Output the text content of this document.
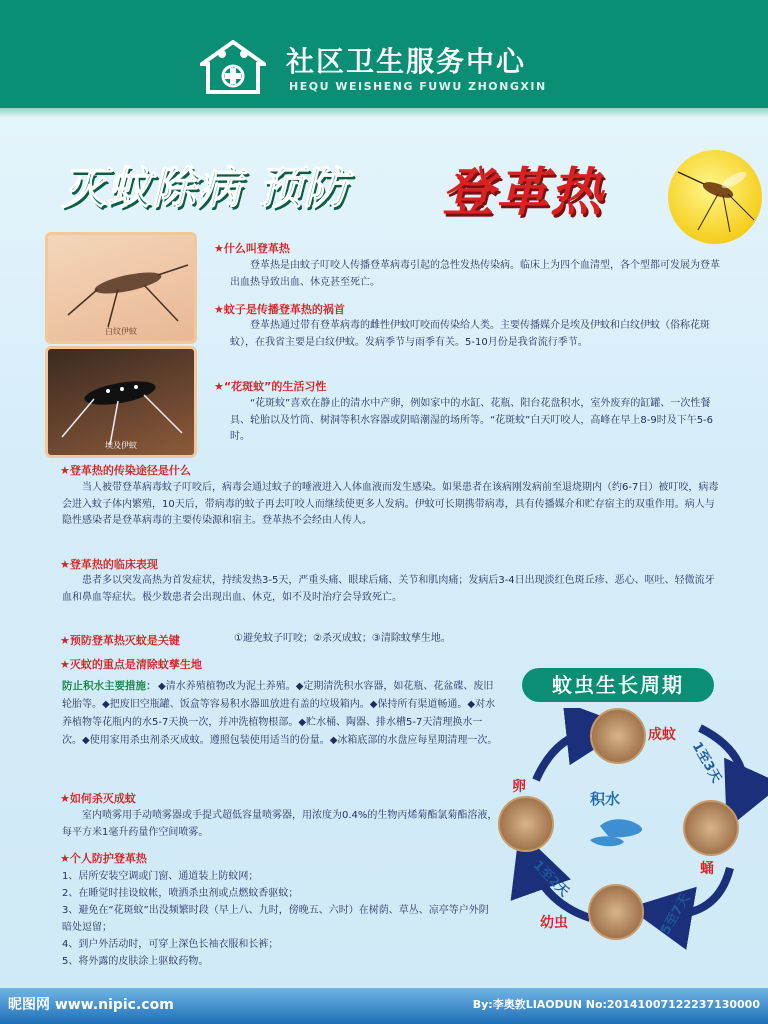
社区卫生服务中心
HEQU WEISHENG FUWU ZHONGXIN
灭蚊除病 预防 登革热
白纹伊蚊
埃及伊蚊
★什么叫登革热
登革热是由蚊子叮咬人传播登革病毒引起的急性发热传染病。临床上为四个血清型，各个型都可发展为登革出血热导致出血、休克甚至死亡。
★蚊子是传播登革热的祸首
登革热通过带有登革病毒的雌性伊蚊叮咬而传染给人类。主要传播媒介是埃及伊蚊和白纹伊蚊（俗称花斑蚊），在我省主要是白纹伊蚊。发病季节与雨季有关。5-10月份是我省流行季节。
★“花斑蚊”的生活习性
“花斑蚊”喜欢在静止的清水中产卵，例如家中的水缸、花瓶、阳台花盘积水，室外废弃的缸罐、一次性餐具、轮胎以及竹筒、树洞等积水容器或阴暗潮湿的场所等。“花斑蚊”白天叮咬人，高峰在早上8-9时及下午5-6时。
★登革热的传染途径是什么
当人被带登革病毒蚊子叮咬后，病毒会通过蚊子的唾液进入人体血液而发生感染。如果患者在该病刚发病前至退烧期内（约6-7日）被叮咬，病毒会进入蚊子体内繁殖，10天后，带病毒的蚊子再去叮咬人而继续使更多人发病。伊蚊可长期携带病毒，具有传播媒介和贮存宿主的双重作用。病人与隐性感染者是登革病毒的主要传染源和宿主。登革热不会经由人传人。
★登革热的临床表现
患者多以突发高热为首发症状，持续发热3-5天，严重头痛、眼球后痛、关节和肌肉痛；发病后3-4日出现淡红色斑丘疹、恶心、呕吐、轻微流牙血和鼻血等症状。极少数患者会出现出血、休克，如不及时治疗会导致死亡。
★预防登革热灭蚊是关键	①避免蚊子叮咬；②杀灭成蚊；③清除蚊孳生地。
★灭蚊的重点是清除蚊孳生地
防止积水主要措施： ◆清水养殖植物改为泥土养殖。◆定期清洗积水容器，如花瓶、花盆碟、废旧轮胎等。◆把废旧空瓶罐、饭盒等容易积水器皿放进有盖的垃圾箱内。◆保持所有渠道畅通。◆对水养植物等花瓶内的水5-7天换一次，并冲洗植物根部。◆贮水桶、陶器、排水槽5-7天清理换水一次。◆使用家用杀虫剂杀灭成蚊。遵照包装使用适当的份量。◆冰箱底部的水盘应每星期清理一次。
★如何杀灭成蚊
室内喷雾用手动喷雾器或手提式超低容量喷雾器，用浓度为0.4%的生物丙烯菊酯氯菊酯溶液，每平方米1毫升药量作空间喷雾。
★个人防护登革热
1、居所安装空调或门窗、通道装上防蚊网；
2、在睡觉时挂设蚊帐，喷洒杀虫剂或点燃蚊香驱蚊；
3、避免在“花斑蚊”出没频繁时段（早上八、九时，傍晚五、六时）在树荫、草丛、凉亭等户外阴暗处逗留；
4、到户外活动时，可穿上深色长袖衣服和长裤；
5、将外露的皮肤涂上驱蚊药物。
蚊虫生长周期
成蚊
蛹
幼虫
卵
1至3天
5至7天
1至2天
积水
昵图网 www.nipic.com	By:李奥敦LIAODUN No:20141007122237130000
